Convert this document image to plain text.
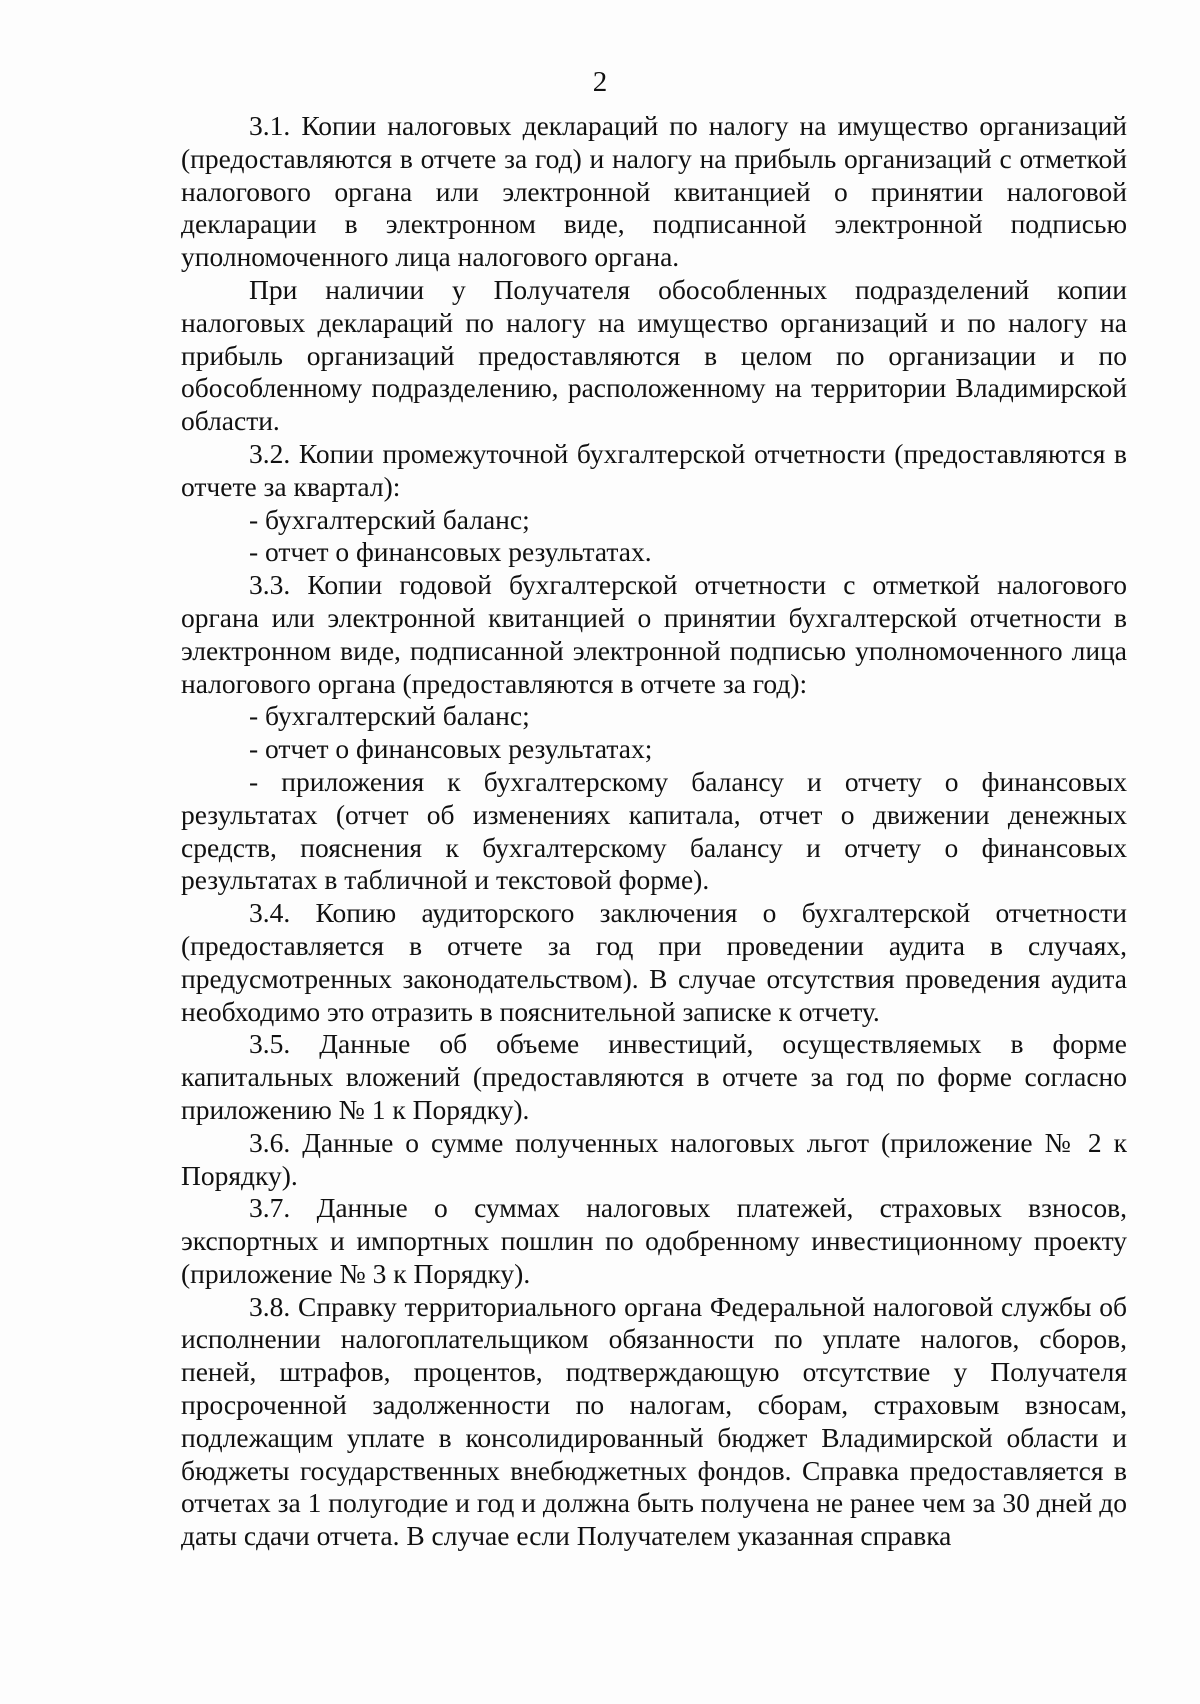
2

3.1. Копии налоговых деклараций по налогу на имущество организаций (предоставляются в отчете за год) и налогу на прибыль организаций с отметкой налогового органа или электронной квитанцией о принятии налоговой декларации в электронном виде, подписанной электронной подписью уполномоченного лица налогового органа.

При наличии у Получателя обособленных подразделений копии налоговых деклараций по налогу на имущество организаций и по налогу на прибыль организаций предоставляются в целом по организации и по обособленному подразделению, расположенному на территории Владимирской области.

3.2. Копии промежуточной бухгалтерской отчетности (предоставляются в отчете за квартал):

- бухгалтерский баланс;

- отчет о финансовых результатах.

3.3. Копии годовой бухгалтерской отчетности с отметкой налогового органа или электронной квитанцией о принятии бухгалтерской отчетности в электронном виде, подписанной электронной подписью уполномоченного лица налогового органа (предоставляются в отчете за год):

- бухгалтерский баланс;

- отчет о финансовых результатах;

- приложения к бухгалтерскому балансу и отчету о финансовых результатах (отчет об изменениях капитала, отчет о движении денежных средств, пояснения к бухгалтерскому балансу и отчету о финансовых результатах в табличной и текстовой форме).

3.4. Копию аудиторского заключения о бухгалтерской отчетности (предоставляется в отчете за год при проведении аудита в случаях, предусмотренных законодательством). В случае отсутствия проведения аудита необходимо это отразить в пояснительной записке к отчету.

3.5. Данные об объеме инвестиций, осуществляемых в форме капитальных вложений (предоставляются в отчете за год по форме согласно приложению № 1 к Порядку).

3.6. Данные о сумме полученных налоговых льгот (приложение № 2 к Порядку).

3.7. Данные о суммах налоговых платежей, страховых взносов, экспортных и импортных пошлин по одобренному инвестиционному проекту (приложение № 3 к Порядку).

3.8. Справку территориального органа Федеральной налоговой службы об исполнении налогоплательщиком обязанности по уплате налогов, сборов, пеней, штрафов, процентов, подтверждающую отсутствие у Получателя просроченной задолженности по налогам, сборам, страховым взносам, подлежащим уплате в консолидированный бюджет Владимирской области и бюджеты государственных внебюджетных фондов. Справка предоставляется в отчетах за 1 полугодие и год и должна быть получена не ранее чем за 30 дней до даты сдачи отчета. В случае если Получателем указанная справка
